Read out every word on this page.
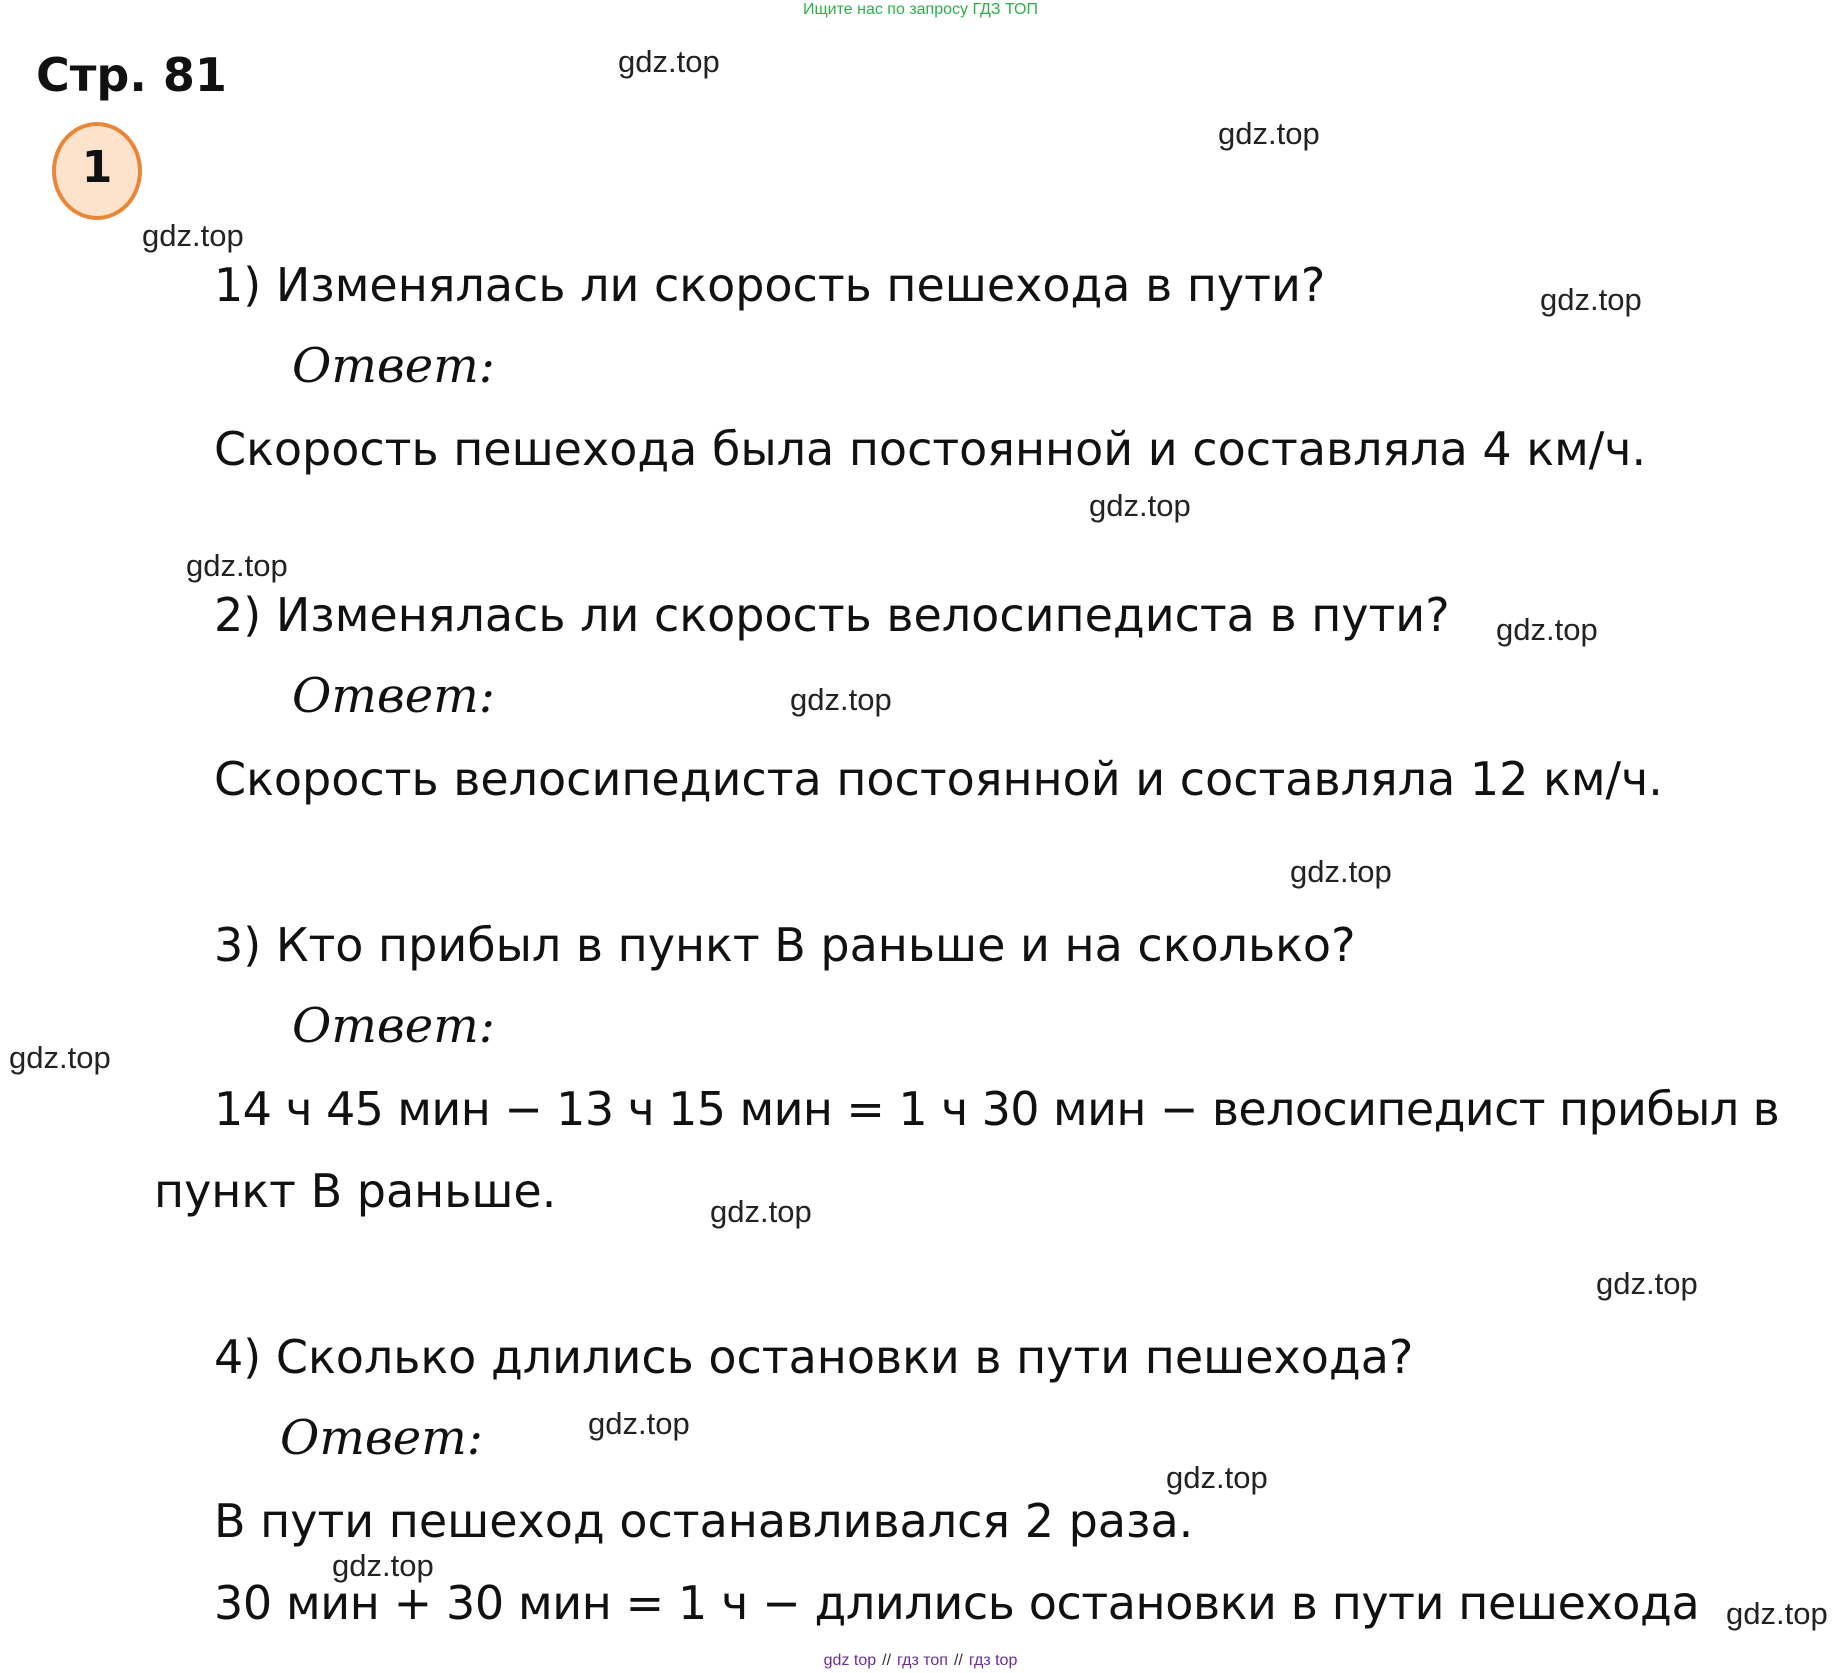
Ищите нас по запросу ГДЗ ТОП
Стр. 81
1
1) Изменялась ли скорость пешехода в пути?
Ответ:
Скорость пешехода была постоянной и составляла 4 км/ч.
2) Изменялась ли скорость велосипедиста в пути?
Ответ:
Скорость велосипедиста постоянной и составляла 12 км/ч.
3) Кто прибыл в пункт В раньше и на сколько?
Ответ:
14 ч 45 мин − 13 ч 15 мин = 1 ч 30 мин − велосипедист прибыл в
пункт В раньше.
4) Сколько длились остановки в пути пешехода?
Ответ:
В пути пешеход останавливался 2 раза.
30 мин + 30 мин = 1 ч − длились остановки в пути пешехода
gdz.top
gdz.top
gdz.top
gdz.top
gdz.top
gdz.top
gdz.top
gdz.top
gdz.top
gdz.top
gdz.top
gdz.top
gdz.top
gdz.top
gdz.top
gdz.top
gdz top // гдз топ // гдз top
